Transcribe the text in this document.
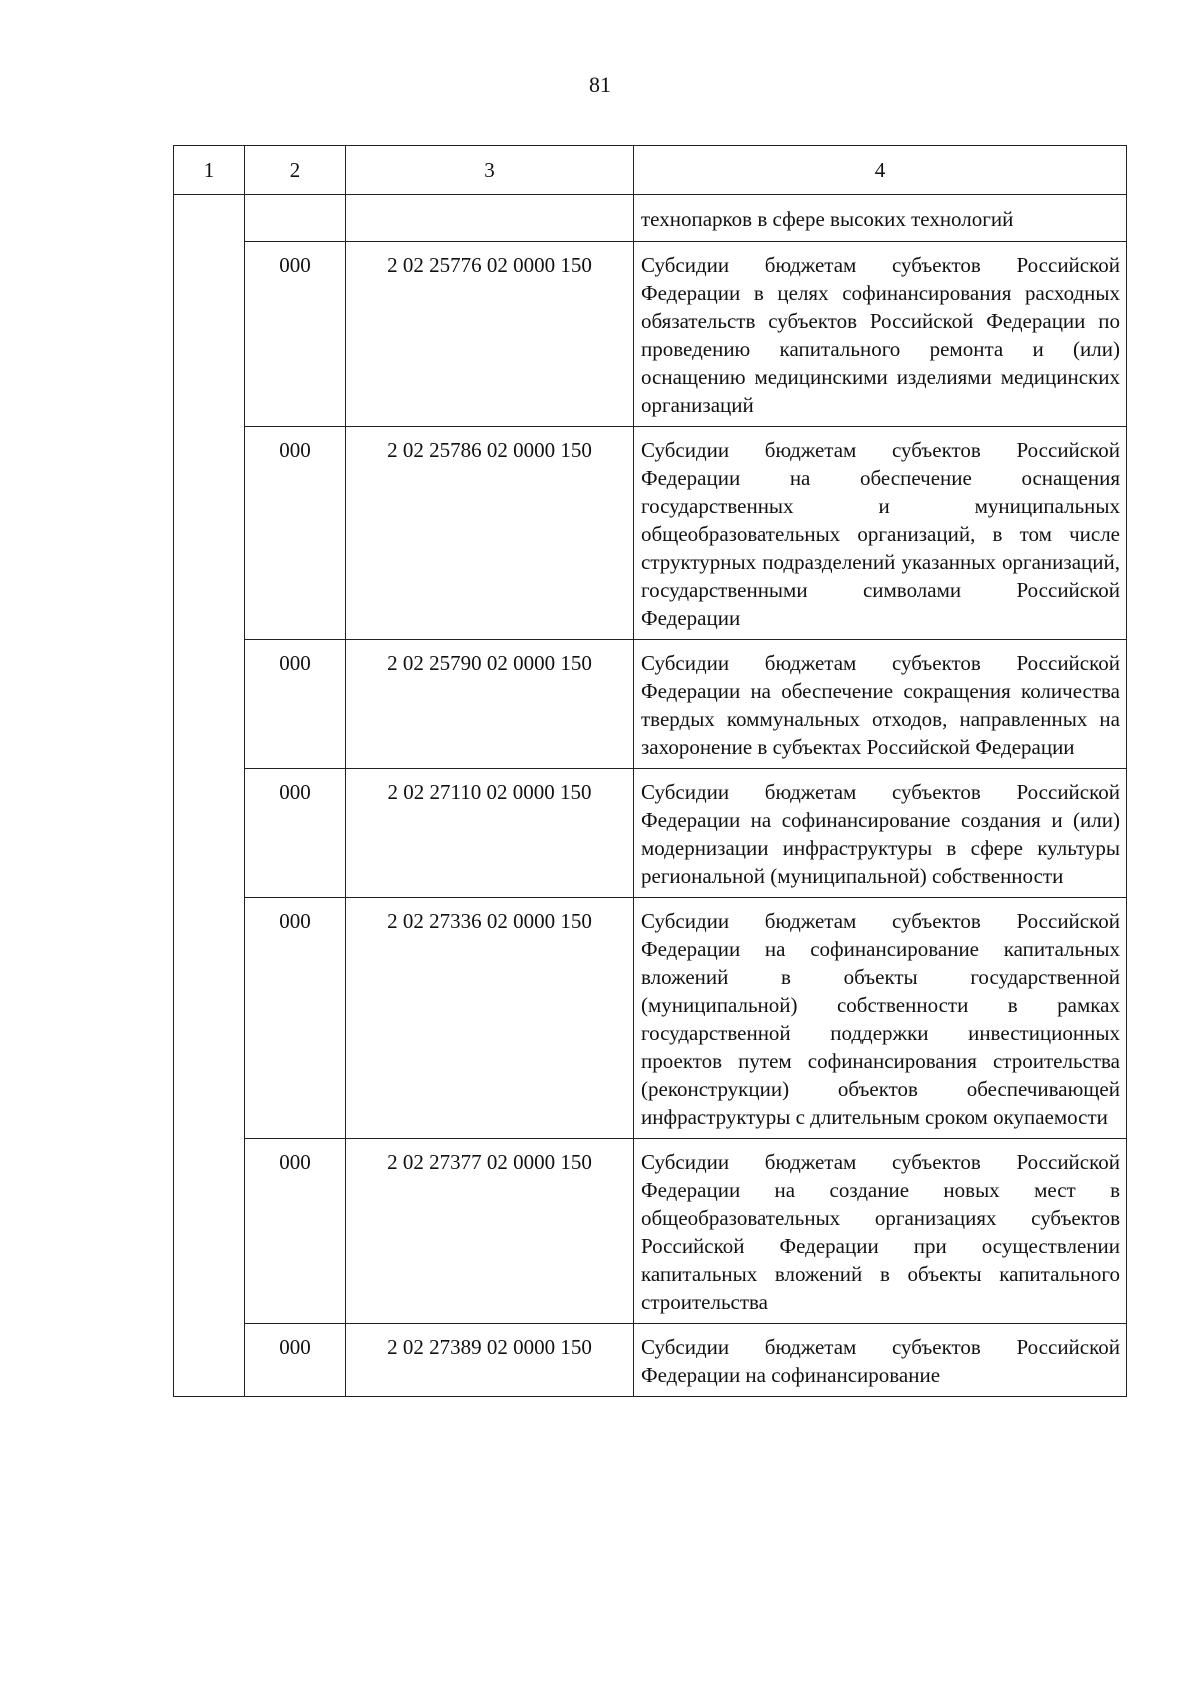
81
1	2	3	4
			технопарков в сфере высоких технологий
	000	2 02 25776 02 0000 150	Субсидии бюджетам субъектов Российской Федерации в целях софинансирования расходных обязательств субъектов Российской Федерации по проведению капитального ремонта и (или) оснащению медицинскими изделиями медицинских организаций
	000	2 02 25786 02 0000 150	Субсидии бюджетам субъектов Российской Федерации на обеспечение оснащения государственных и муниципальных общеобразовательных организаций, в том числе структурных подразделений указанных организаций, государственными символами Российской Федерации
	000	2 02 25790 02 0000 150	Субсидии бюджетам субъектов Российской Федерации на обеспечение сокращения количества твердых коммунальных отходов, направленных на захоронение в субъектах Российской Федерации
	000	2 02 27110 02 0000 150	Субсидии бюджетам субъектов Российской Федерации на софинансирование создания и (или) модернизации инфраструктуры в сфере культуры региональной (муниципальной) собственности
	000	2 02 27336 02 0000 150	Субсидии бюджетам субъектов Российской Федерации на софинансирование капитальных вложений в объекты государственной (муниципальной) собственности в рамках государственной поддержки инвестиционных проектов путем софинансирования строительства (реконструкции) объектов обеспечивающей инфраструктуры с длительным сроком окупаемости
	000	2 02 27377 02 0000 150	Субсидии бюджетам субъектов Российской Федерации на создание новых мест в общеобразовательных организациях субъектов Российской Федерации при осуществлении капитальных вложений в объекты капитального строительства
	000	2 02 27389 02 0000 150	Субсидии бюджетам субъектов Российской Федерации на софинансирование
